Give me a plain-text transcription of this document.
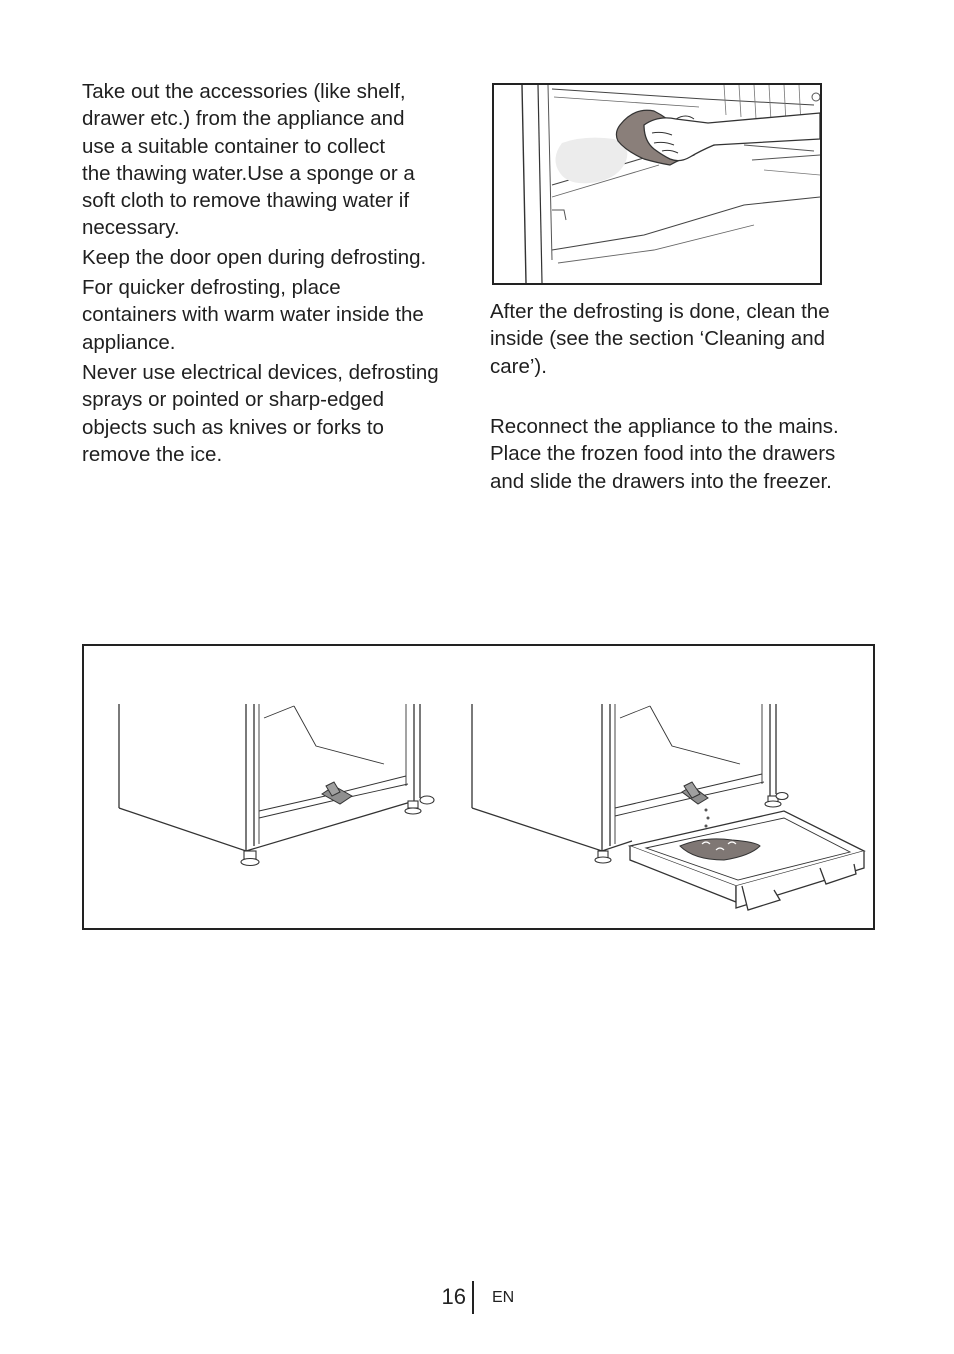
Take out the accessories (like shelf,
drawer etc.) from the appliance and
use a suitable container to collect
the thawing water.Use a sponge or a
soft cloth to remove thawing water if
necessary.

Keep the door open during defrosting.

For quicker defrosting, place
containers with warm water inside the
appliance.

Never use electrical devices, defrosting
sprays or pointed or sharp-edged
objects such as knives or forks to
remove the ice.

After the defrosting is done, clean the
inside (see the section ‘Cleaning and
care’).

Reconnect the appliance to the mains.
Place the frozen food into the drawers
and slide the drawers into the freezer.

16 EN
